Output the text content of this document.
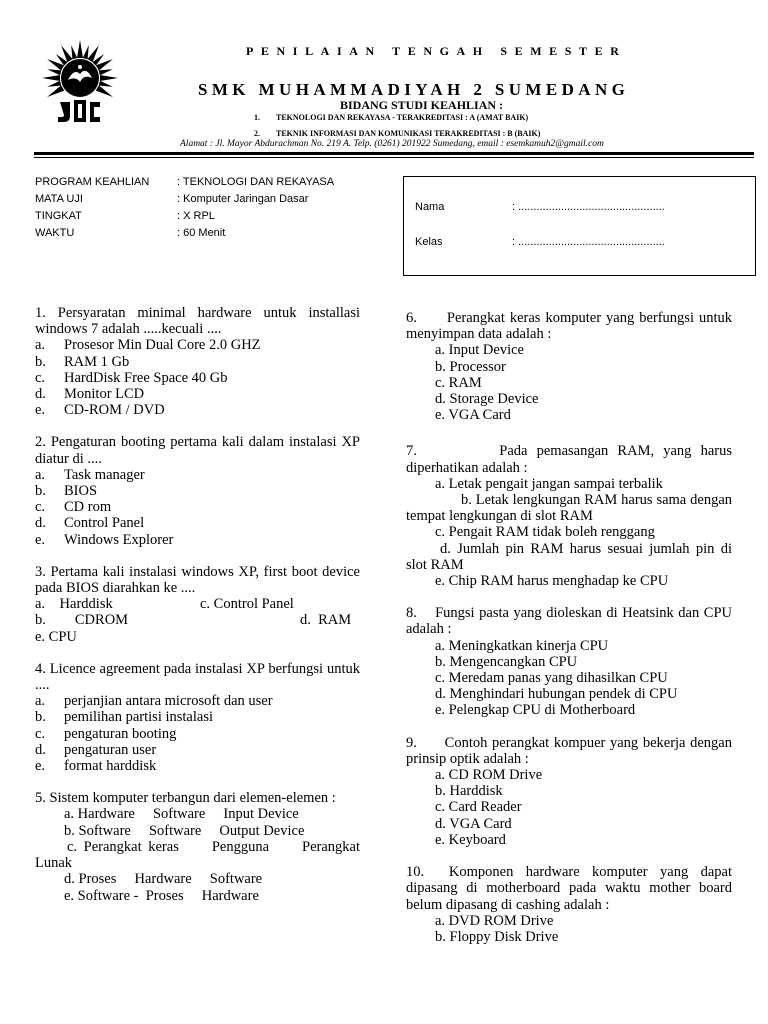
PENILAIAN TENGAH SEMESTER
SMK MUHAMMADIYAH 2 SUMEDANG
BIDANG STUDI KEAHLIAN :
1. TEKNOLOGI DAN REKAYASA - TERAKREDITASI : A (AMAT BAIK)
2. TEKNIK INFORMASI DAN KOMUNIKASI TERAKREDITASI : B (BAIK)
Alamat : Jl. Mayor Abdurachman No. 219 A. Telp. (0261) 201922 Sumedang, email : esemkamuh2@gmail.com
PROGRAM KEAHLIAN	: TEKNOLOGI DAN REKAYASA
MATA UJI	: Komputer Jaringan Dasar
TINGKAT	: X RPL
WAKTU	: 60 Menit
Nama	: ................................................
Kelas	: ................................................
1. Persyaratan minimal hardware untuk installasi windows 7 adalah .....kecuali ....
a. Prosesor Min Dual Core 2.0 GHZ
b. RAM 1 Gb
c. HardDisk Free Space 40 Gb
d. Monitor LCD
e. CD-ROM / DVD
2. Pengaturan booting pertama kali dalam instalasi XP diatur di ....
a. Task manager
b. BIOS
c. CD rom
d. Control Panel
e. Windows Explorer
3. Pertama kali instalasi windows XP, first boot device pada BIOS diarahkan ke ....
a.    Harddisk	c. Control Panel
b.        CDROM	d.  RAM
e. CPU
4. Licence agreement pada instalasi XP berfungsi untuk ....
a. perjanjian antara microsoft dan user
b. pemilihan partisi instalasi
c. pengaturan booting
d. pengaturan user
e. format harddisk
5. Sistem komputer terbangun dari elemen-elemen :
a. Hardware     Software     Input Device
b. Software     Software     Output Device
c. Perangkat keras     Pengguna     Perangkat Lunak
d. Proses     Hardware     Software
e. Software -  Proses     Hardware
6.      Perangkat keras komputer yang berfungsi untuk menyimpan data adalah :
a. Input Device
b. Processor
c. RAM
d. Storage Device
e. VGA Card
7.         Pada pemasangan RAM, yang harus diperhatikan adalah :
a. Letak pengait jangan sampai terbalik
b. Letak lengkungan RAM harus sama dengan tempat lengkungan di slot RAM
c. Pengait RAM tidak boleh renggang
d. Jumlah pin RAM harus sesuai jumlah pin di slot RAM
e. Chip RAM harus menghadap ke CPU
8.    Fungsi pasta yang dioleskan di Heatsink dan CPU adalah :
a. Meningkatkan kinerja CPU
b. Mengencangkan CPU
c. Meredam panas yang dihasilkan CPU
d. Menghindari hubungan pendek di CPU
e. Pelengkap CPU di Motherboard
9.      Contoh perangkat kompuer yang bekerja dengan prinsip optik adalah :
a. CD ROM Drive
b. Harddisk
c. Card Reader
d. VGA Card
e. Keyboard
10.  Komponen hardware komputer yang dapat dipasang di motherboard pada waktu mother board belum dipasang di cashing adalah :
a. DVD ROM Drive
b. Floppy Disk Drive
